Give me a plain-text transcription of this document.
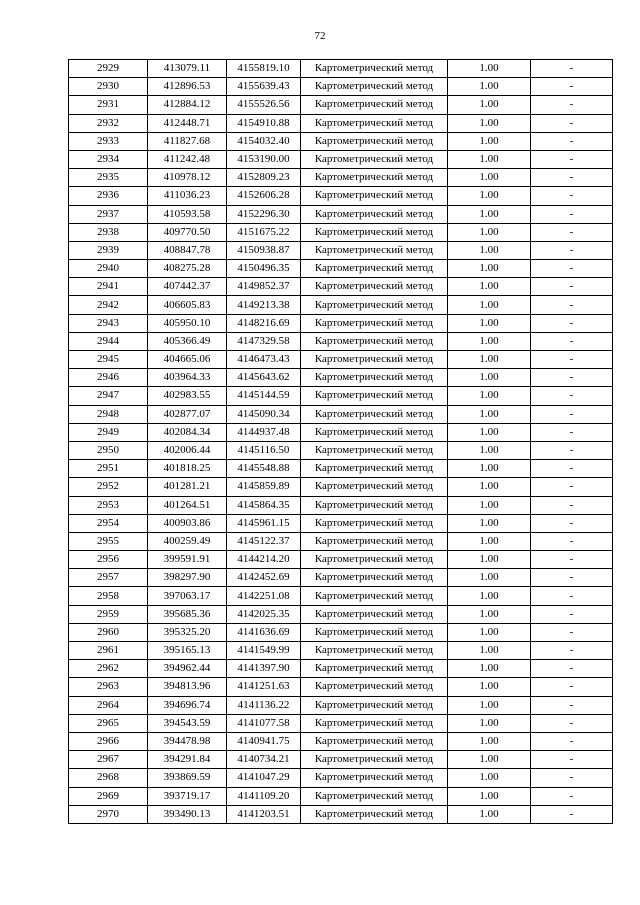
72
2929	413079.11	4155819.10	Картометрический метод	1.00	-
2930	412896.53	4155639.43	Картометрический метод	1.00	-
2931	412884.12	4155526.56	Картометрический метод	1.00	-
2932	412448.71	4154910.88	Картометрический метод	1.00	-
2933	411827.68	4154032.40	Картометрический метод	1.00	-
2934	411242.48	4153190.00	Картометрический метод	1.00	-
2935	410978.12	4152809.23	Картометрический метод	1.00	-
2936	411036.23	4152606.28	Картометрический метод	1.00	-
2937	410593.58	4152296.30	Картометрический метод	1.00	-
2938	409770.50	4151675.22	Картометрический метод	1.00	-
2939	408847.78	4150938.87	Картометрический метод	1.00	-
2940	408275.28	4150496.35	Картометрический метод	1.00	-
2941	407442.37	4149852.37	Картометрический метод	1.00	-
2942	406605.83	4149213.38	Картометрический метод	1.00	-
2943	405950.10	4148216.69	Картометрический метод	1.00	-
2944	405366.49	4147329.58	Картометрический метод	1.00	-
2945	404665.06	4146473.43	Картометрический метод	1.00	-
2946	403964.33	4145643.62	Картометрический метод	1.00	-
2947	402983.55	4145144.59	Картометрический метод	1.00	-
2948	402877.07	4145090.34	Картометрический метод	1.00	-
2949	402084.34	4144937.48	Картометрический метод	1.00	-
2950	402006.44	4145116.50	Картометрический метод	1.00	-
2951	401818.25	4145548.88	Картометрический метод	1.00	-
2952	401281.21	4145859.89	Картометрический метод	1.00	-
2953	401264.51	4145864.35	Картометрический метод	1.00	-
2954	400903.86	4145961.15	Картометрический метод	1.00	-
2955	400259.49	4145122.37	Картометрический метод	1.00	-
2956	399591.91	4144214.20	Картометрический метод	1.00	-
2957	398297.90	4142452.69	Картометрический метод	1.00	-
2958	397063.17	4142251.08	Картометрический метод	1.00	-
2959	395685.36	4142025.35	Картометрический метод	1.00	-
2960	395325.20	4141636.69	Картометрический метод	1.00	-
2961	395165.13	4141549.99	Картометрический метод	1.00	-
2962	394962.44	4141397.90	Картометрический метод	1.00	-
2963	394813.96	4141251.63	Картометрический метод	1.00	-
2964	394696.74	4141136.22	Картометрический метод	1.00	-
2965	394543.59	4141077.58	Картометрический метод	1.00	-
2966	394478.98	4140941.75	Картометрический метод	1.00	-
2967	394291.84	4140734.21	Картометрический метод	1.00	-
2968	393869.59	4141047.29	Картометрический метод	1.00	-
2969	393719.17	4141109.20	Картометрический метод	1.00	-
2970	393490.13	4141203.51	Картометрический метод	1.00	-
